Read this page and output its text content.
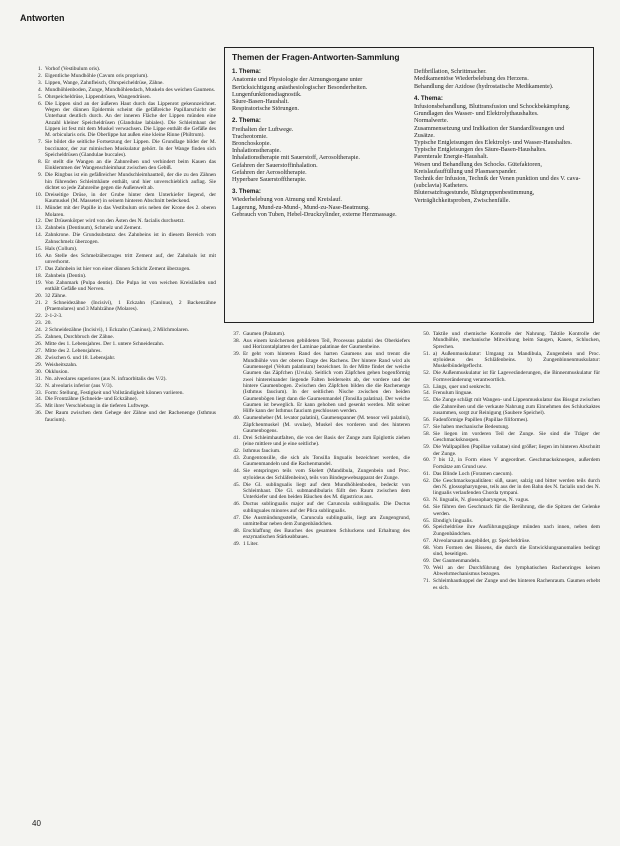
Antworten
Themen der Fragen-Antworten-Sammlung
1. Thema:
Anatomie und Physiologie der Atmungsorgane unter Berücksichtigung anästhesiologischer Besonderheiten.
Lungenfunktionsdiagnostik.
Säure-Basen-Haushalt.
Respiratorische Störungen.
2. Thema:
Freihalten der Luftwege.
Tracheotomie.
Bronchoskopie.
Inhalationstherapie.
Inhalationstherapie mit Sauerstoff, Aerosoltherapie.
Gefahren der Sauerstoffinhalation.
Gefahren der Aerosoltherapie.
Hyperbare Sauerstofftherapie.
3. Thema:
Wiederbelebung von Atmung und Kreislauf.
Lagerung, Mund-zu-Mund-, Mund-zu-Nase-Beatmung.
Gebrauch von Tuben, Hebel-Druckzylinder, externe Herzmassage.
Defibrillation, Schrittmacher.
Medikamentöse Wiederbelebung des Herzens.
Behandlung der Azidose (hydrostatische Medikamente).
4. Thema:
Infusionsbehandlung, Bluttransfusion und Schockbekämpfung.
Grundlagen des Wasser- und Elektrolythaushaltes.
Normalwerte.
Zusammensetzung und Indikation der Standardlösungen und Zusätze.
Typische Entgleisungen des Elektrolyt- und Wasser-Haushaltes.
Typische Entgleisungen des Säure-Basen-Haushaltes.
Parenterale Energie-Haushalt.
Wesen und Behandlung des Schocks. Gütefaktoren, Kreislaufauffüllung und Plasmaexpander.
Technik der Infusion, Technik der Venen punktion und des V. cava- (subclavia) Katheters.
Blutersatzfragestunde, Blutgruppenbestimmung, Verträglichkeitsproben, Zwischenfälle.
1. Vorhof (Vestibulum oris).
2. Eigentliche Mundhöhle (Cavum oris proprium).
3. Lippen, Wange, Zahnfleisch, Ohrspeicheldrüse, Zähne.
4. Mundhöhlenboden, Zunge, Mundhöhlendach, Muskeln des weichen Gaumens.
5. Ohrspeicheldrüse, Lippendrüsen, Wangendrüsen.
6. Die Lippen sind an der äußeren Haut durch das Lippenrot gekennzeichnet. Wegen der dünnen Epidermis scheint die gefäßreiche Papillarschicht der Unterhaut deutlich durch. An der inneren Fläche der Lippen münden eine Anzahl kleiner Speicheldrüsen (Glandulae labiales). Die Schleimhaut der Lippen ist fest mit dem Muskel verwachsen. Die Lippe enthält die Gefäße des M. orbicularis oris. Die Oberlippe hat außen eine kleine Rinne (Philtrum).
7. Sie bildet die seitliche Fortsetzung der Lippen. Die Grundlage bildet der M. buccinator, der zur mimischen Muskulatur gehört. In der Wange finden sich Speicheldrüsen (Glandulae buccales).
8. Er stellt die Wangen an die Zahnreihen und verhindert beim Kauen das Einklemmen der Wangenschleimhaut zwischen den Gebiß.
9. Die Ringbus ist ein gefäßreicher Mundschleimhautteil, der die zu den Zähnen hin führenden Schleimhäute enthält, und hier unverschieblich auflag. Sie dichtet so jede Zahnreihe gegen die Außenwelt ab.
10. Dreiseitige Drüse, in der Grube hinter dem Unterkiefer liegend, der Kaumuskel (M. Masseter) in seinem hinteren Abschnitt bedeckend.
11. Mündet mit der Papille in das Vestibulum oris neben der Krone des 2. oberen Molaren.
12. Der Drüsenkörper wird von den Ästen des N. facialis durchsetzt.
13. Zahnbein (Dentinum), Schmelz und Zement.
14. Zahnkrone. Die Grundsubstanz des Zahnbeins ist in diesem Bereich vom Zahnschmelz überzogen.
15. Hals (Collum).
16. An Stelle des Schmelzüberzuges tritt Zement auf, der Zahnhals ist mit unverhornt.
17. Das Zahnbein ist hier von einer dünnen Schicht Zement überzogen.
18. Zahnbein (Dentin).
19. Von Zahnmark (Pulpa dentis). Die Pulpa ist von weichen Kreisläufen und enthält Gefäße und Nerven.
20. 32 Zähne.
21. 2 Schneidezähne (Incisivi), 1 Eckzahn (Caninus), 2 Backenzähne (Praemolares) und 3 Mahlzähne (Molares).
22. 2-1-2-3.
23. 20.
24. 2 Schneidezähne (Incisivi), 1 Eckzahn (Caninus), 2 Milchmolaren.
25. Zahnen, Durchbruch der Zähne.
26. Mitte des 1. Lebensjahres. Der 1. untere Schneidezahn.
27. Mitte des 2. Lebensjahres.
28. Zwischen 6. und 18. Lebensjahr.
29. Weisheitszahn.
30. Okklusion.
31. Nn. alveolares superiores (aus N. infraorbitalis des V/2).
32. N. alveolaris inferior (aus V/3).
33. Form: Stellung, Festigkeit und Vollständigkeit können variieren.
34. Die Frontzähne (Schneide- und Eckzähne).
35. Mit ihrer Verschiebung in die tieferen Luftwege.
36. Der Raum zwischen dem Gehege der Zähne und der Rachenenge (Isthmus faucium).
37. Gaumen (Palatum).
38. Aus einem knöchernen gebildeten Teil, Processus palatini des Oberkiefers und Horizontalplatten der Laminae palatinae der Gaumenbeine.
39. Er geht vom hinteren Rand des harten Gaumens aus und trennt die Mundhöhle von der oberen Etage des Rachens. Der hintere Rand wird als Gaumensegel (Velum palatinum) bezeichnet. In der Mitte findet der weiche Gaumen das Zäpfchen (Uvula). Seitlich vom Zäpfchen gehen bogenförmig zwei hintereinander liegende Falten beiderseits ab, der vordere und der hintere Gaumenbogen. Zwischen den Zäpfchen bilden die die Rachenenge (Isthmus faucium). In der seitlichen Nische zwischen den beiden Gaumenbögen liegt dann die Gaumenmandel (Tonsilla palatina). Der weiche Gaumen ist beweglich. Er kann gehoben und gesenkt werden. Mit seiner Hilfe kann der Isthmus faucium geschlossen werden.
40. Gaumenheber (M. levator palatini), Gaumenspanner (M. tensor veli palatini), Zäpfchenmuskel (M. uvulae), Muskel des vorderen und des hinteren Gaumenbogens.
41. Drei Schleimhautfalten, die von der Basis der Zunge zum Epiglottis ziehen (eine mittlere und je eine seitliche).
42. Isthmus faucium.
43. Zungentonsille, die sich als Tonsilla lingualis bezeichnet werden, die Gaumenmandeln und die Rachenmandel.
44. Sie entspringen teils vom Skelett (Mandibula, Zungenbein und Proc. styloideus des Schläfenbeins), teils von Bindegewebsapparat der Zunge.
45. Die Gl. sublingualis liegt auf dem Mundhöhlenboden, bedeckt von Schleimhaut. Die Gl. submandibularis füllt den Raum zwischen dem Unterkiefer und den beiden Bäuchen des M. digastricus aus.
46. Ductus sublingualis major auf der Caruncula sublingualis. Die Ductus sublinguales minores auf der Plica sublingualis.
47. Die Ausmündungsstelle, Caruncula sublingualis, liegt am Zungengrund, unmittelbar neben dem Zungenbändchen.
48. Erschlaffung des Bauches des gesamten Schluckens und Erhaltung des enzymatischen Stärkeabbaues.
49. 1 Liter.
50. Taktile und chemische Kontrolle der Nahrung. Taktile Kontrolle der Mundhöhle, mechanische Mitwirkung beim Saugen, Kauen, Schlucken, Sprechen.
51. a) Außenmuskulatur: Umgang zu Mandibula, Zungenbein und Proc. styloideus des Schläfenbeins. b) Zungenbinnenmuskulatur: Muskelbündelgeflecht.
52. Die Außenmuskulatur ist für Lageveränderungen, die Binnenmuskulatur für Formveränderung verantwortlich.
53. Längs, quer und senkrecht.
54. Frenulum linguae.
55. Die Zunge schlägt mit Wangen- und Lippenmuskulatur das Bissgut zwischen die Zahnreihen und die verkaute Nahrung zum Einnehmen des Schluckaktes zusammen, sorgt zur Reinigung (Saubere Speichel).
56. Fadenförmige Papillen (Papillae filiformes).
57. Sie haben mechanische Bedeutung.
58. Sie liegen im vorderen Teil der Zunge. Sie sind die Träger der Geschmacksknospen.
59. Die Wallpapillen (Papillae vallatae) sind größer; liegen im hinteren Abschnitt der Zunge.
60. 7 bis 12, in Form eines V angeordnet. Geschmacksknospen, außerdem Fortsätze am Grund usw.
61. Das Blinde Loch (Foramen caecum).
62. Die Geschmacksqualitäten: süß, sauer, salzig und bitter werden teils durch den N. glossopharyngeus, teils aus der in den Bahn des N. facialis und des N. lingualis verlaufenden Chorda tympani.
63. N. lingualis, N. glossopharyngeus, N. vagus.
64. Sie führen den Geschmack für die Berührung, die die Spitzen der Gelenke werden.
65. Ebndig's lingualis.
66. Speicheldrüse ihre Ausführungsgänge münden nach innen, neben dem Zungenbändchen.
67. Alveolarsaum ausgebildet, gr. Speicheldrüse.
68. Vom Formen des Bissens, die durch die Entwicklungsanomalien bedingt sind, beseitigen.
69. Der Gaumenmandeln.
70. Weil an der Durchführung des lymphatischen Rachenringes keinen Abwehrmechanismus bezogen.
71. Schleimhautkuppel der Zunge und des hinteren Rachenraum. Gaumen erhebt es sich.
40
